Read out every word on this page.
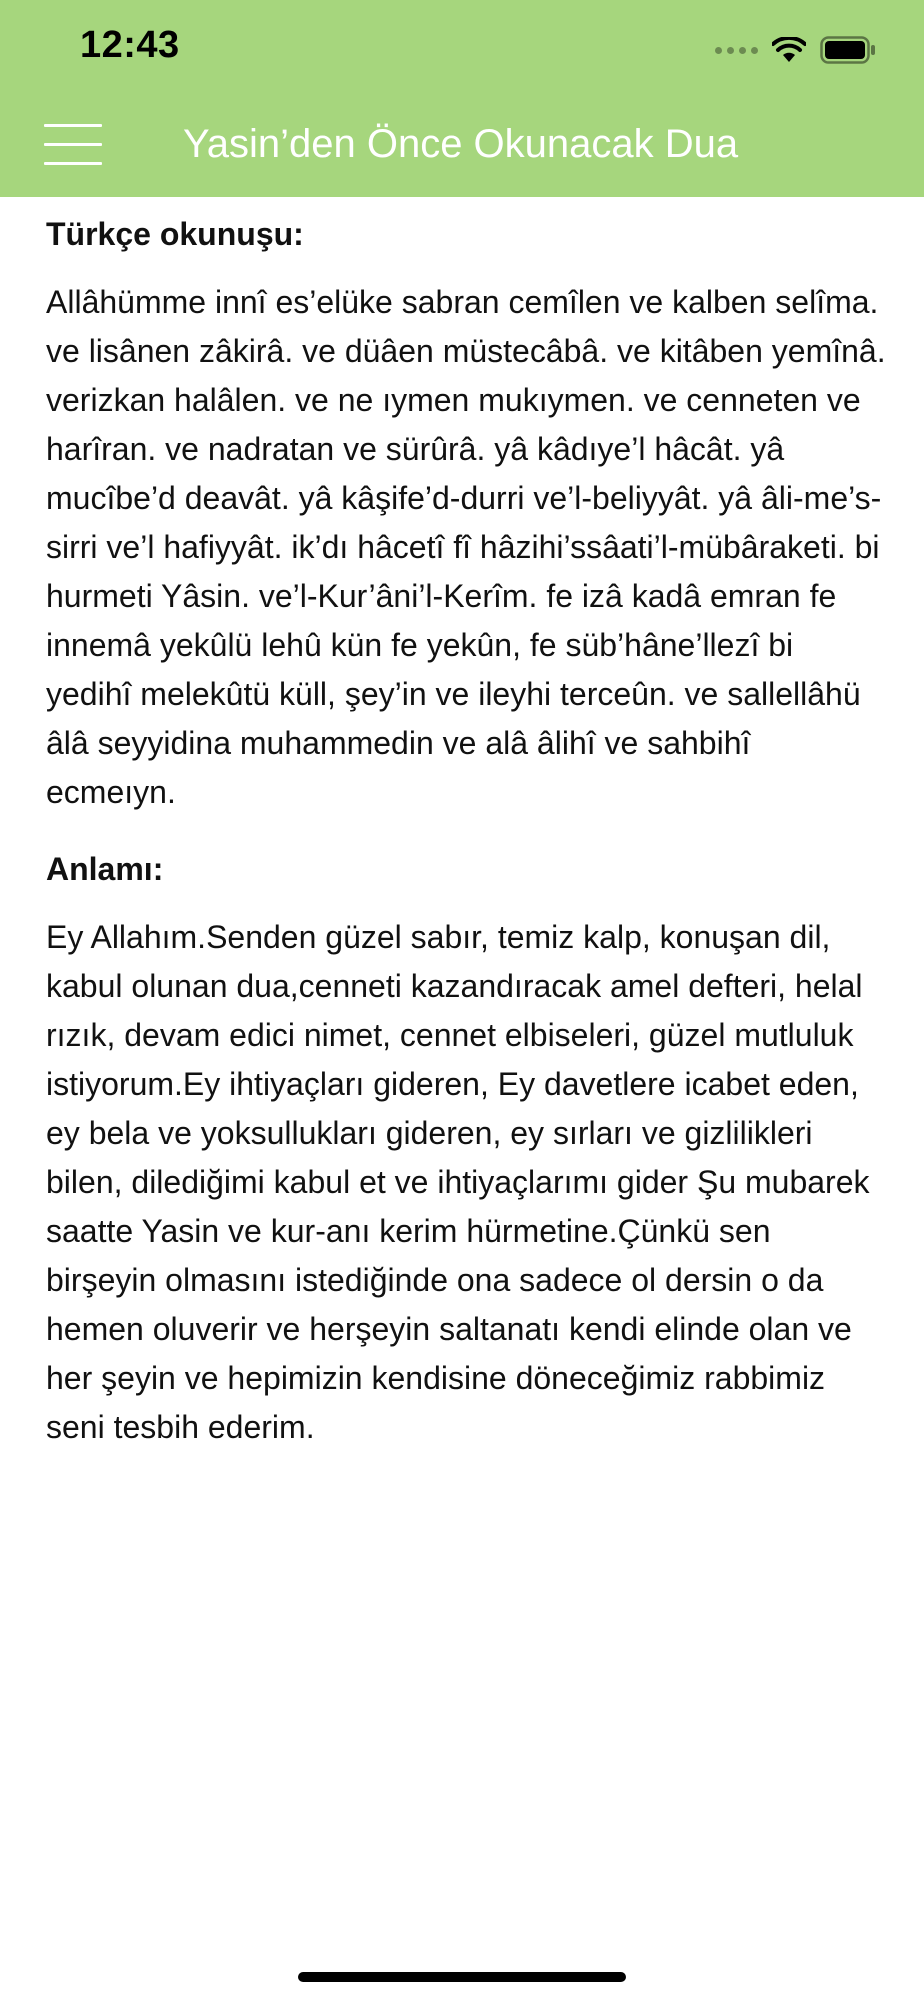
12:43
Yasin’den Önce Okunacak Dua
Türkçe okunuşu:
Allâhümme innî es’elüke sabran cemîlen ve kalben selîma. ve lisânen zâkirâ. ve düâen müstecâbâ. ve kitâben yemînâ. verizkan halâlen. ve ne ıymen mukıymen. ve cenneten ve harîran. ve nadratan ve sürûrâ. yâ kâdıye’l hâcât. yâ mucîbe’d deavât. yâ kâşife’d-durri ve’l-beliyyât. yâ âli-me’s-sirri ve’l hafiyyât. ik’dı hâcetî fî hâzihi’ssâati’l-mübâraketi. bi hurmeti Yâsin. ve’l-Kur’âni’l-Kerîm. fe izâ kadâ emran fe innemâ yekûlü lehû kün fe yekûn, fe süb’hâne’llezî bi yedihî melekûtü küll, şey’in ve ileyhi terceûn. ve sallellâhü âlâ seyyidina muhammedin ve alâ âlihî ve sahbihî ecmeıyn.
Anlamı:
Ey Allahım.Senden güzel sabır, temiz kalp, konuşan dil, kabul olunan dua,cenneti kazandıracak amel defteri, helal rızık, devam edici nimet, cennet elbiseleri, güzel mutluluk istiyorum.Ey ihtiyaçları gideren, Ey davetlere icabet eden, ey bela ve yoksullukları gideren, ey sırları ve gizlilikleri bilen, dilediğimi kabul et ve ihtiyaçlarımı gider Şu mubarek saatte Yasin ve kur-anı kerim hürmetine.Çünkü sen birşeyin olmasını istediğinde ona sadece ol dersin o da hemen oluverir ve herşeyin saltanatı kendi elinde olan ve her şeyin ve hepimizin kendisine döneceğimiz rabbimiz seni tesbih ederim.
